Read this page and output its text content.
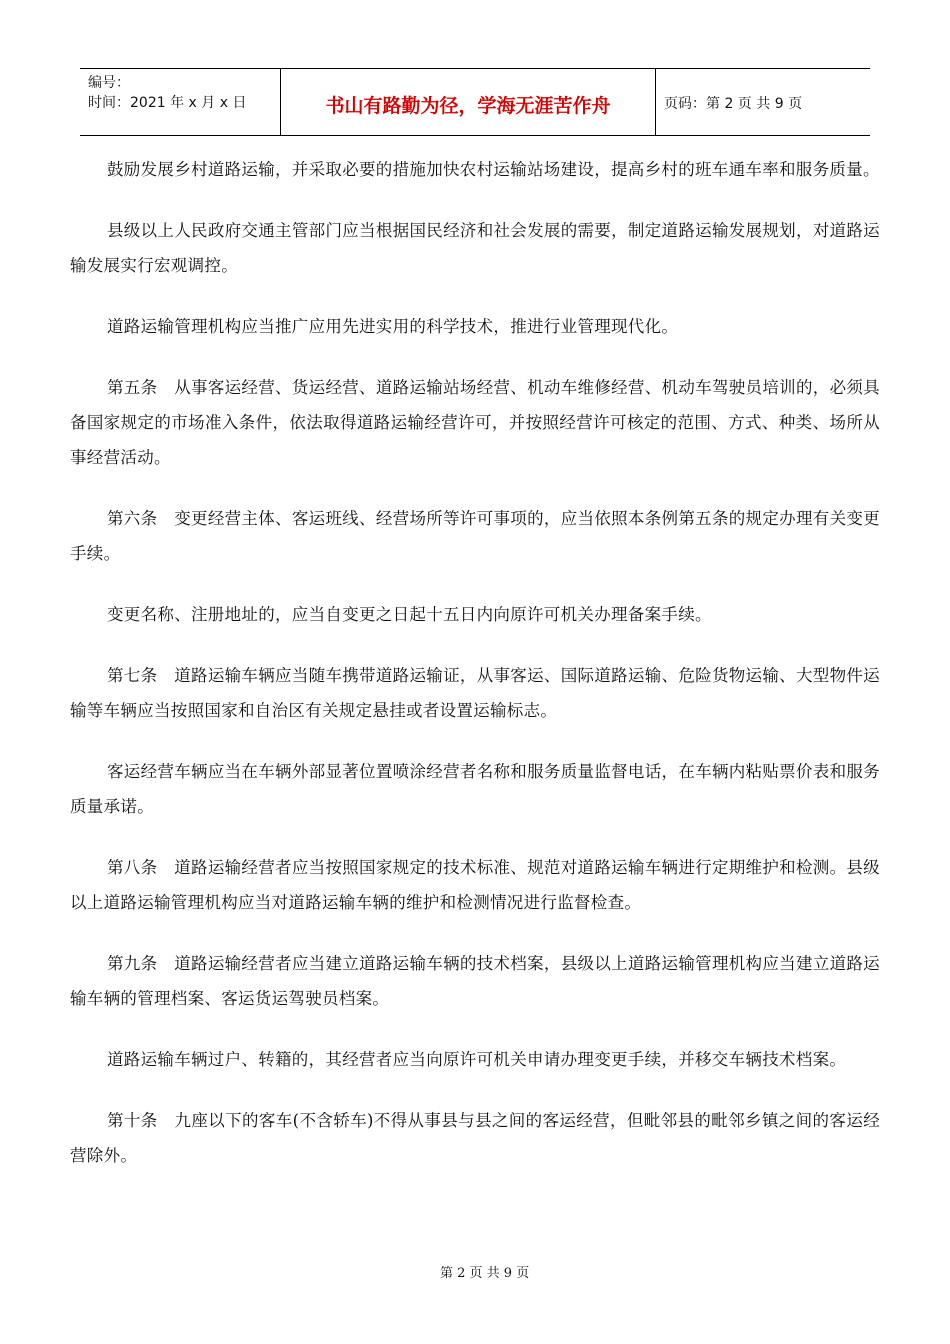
编号：
时间：2021 年 x 月 x 日	书山有路勤为径，学海无涯苦作舟	页码：第 2 页 共 9 页

鼓励发展乡村道路运输，并采取必要的措施加快农村运输站场建设，提高乡村的班车通车率和服务质量。

县级以上人民政府交通主管部门应当根据国民经济和社会发展的需要，制定道路运输发展规划，对道路运输发展实行宏观调控。

道路运输管理机构应当推广应用先进实用的科学技术，推进行业管理现代化。

第五条　从事客运经营、货运经营、道路运输站场经营、机动车维修经营、机动车驾驶员培训的，必须具备国家规定的市场准入条件，依法取得道路运输经营许可，并按照经营许可核定的范围、方式、种类、场所从事经营活动。

第六条　变更经营主体、客运班线、经营场所等许可事项的，应当依照本条例第五条的规定办理有关变更手续。

变更名称、注册地址的，应当自变更之日起十五日内向原许可机关办理备案手续。

第七条　道路运输车辆应当随车携带道路运输证，从事客运、国际道路运输、危险货物运输、大型物件运输等车辆应当按照国家和自治区有关规定悬挂或者设置运输标志。

客运经营车辆应当在车辆外部显著位置喷涂经营者名称和服务质量监督电话，在车辆内粘贴票价表和服务质量承诺。

第八条　道路运输经营者应当按照国家规定的技术标准、规范对道路运输车辆进行定期维护和检测。县级以上道路运输管理机构应当对道路运输车辆的维护和检测情况进行监督检查。

第九条　道路运输经营者应当建立道路运输车辆的技术档案，县级以上道路运输管理机构应当建立道路运输车辆的管理档案、客运货运驾驶员档案。

道路运输车辆过户、转籍的，其经营者应当向原许可机关申请办理变更手续，并移交车辆技术档案。

第十条　九座以下的客车(不含轿车)不得从事县与县之间的客运经营，但毗邻县的毗邻乡镇之间的客运经营除外。

第 2 页 共 9 页
